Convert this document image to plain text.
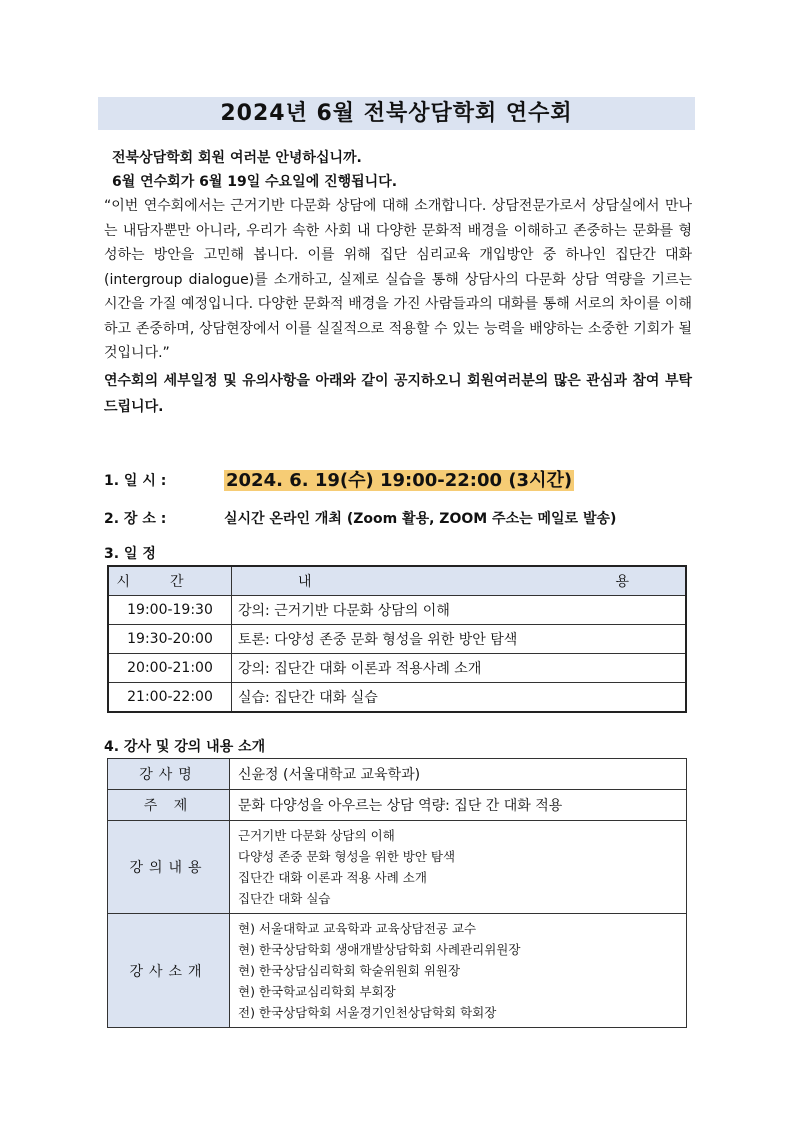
2024년 6월 전북상담학회 연수회
전북상담학회 회원 여러분 안녕하십니까.
6월 연수회가 6월 19일 수요일에 진행됩니다.
“이번 연수회에서는 근거기반 다문화 상담에 대해 소개합니다. 상담전문가로서 상담실에서 만나는 내담자뿐만 아니라, 우리가 속한 사회 내 다양한 문화적 배경을 이해하고 존중하는 문화를 형성하는 방안을 고민해 봅니다. 이를 위해 집단 심리교육 개입방안 중 하나인 집단간 대화(intergroup dialogue)를 소개하고, 실제로 실습을 통해 상담사의 다문화 상담 역량을 기르는 시간을 가질 예정입니다. 다양한 문화적 배경을 가진 사람들과의 대화를 통해 서로의 차이를 이해하고 존중하며, 상담현장에서 이를 실질적으로 적용할 수 있는 능력을 배양하는 소중한 기회가 될 것입니다.”
연수회의 세부일정 및 유의사항을 아래와 같이 공지하오니 회원여러분의 많은 관심과 참여 부탁드립니다.
1. 일 시 :	2024. 6. 19(수) 19:00-22:00 (3시간)
2. 장 소 :	실시간 온라인 개최 (Zoom 활용, ZOOM 주소는 메일로 발송)
3. 일 정
시간	내 용

19:00-19:30	강의: 근거기반 다문화 상담의 이해
19:30-20:00	토론: 다양성 존중 문화 형성을 위한 방안 탐색
20:00-21:00	강의: 집단간 대화 이론과 적용사례 소개
21:00-22:00	실습: 집단간 대화 실습
4. 강사 및 강의 내용 소개
강사명	신윤정 (서울대학교 교육학과)
주 제	문화 다양성을 아우르는 상담 역량: 집단 간 대화 적용
강의내용	근거기반 다문화 상담의 이해
다양성 존중 문화 형성을 위한 방안 탐색
집단간 대화 이론과 적용 사례 소개
집단간 대화 실습

강사소개	현) 서울대학교 교육학과 교육상담전공 교수
현) 한국상담학회 생애개발상담학회 사례관리위원장
현) 한국상담심리학회 학술위원회 위원장
현) 한국학교심리학회 부회장
전) 한국상담학회 서울경기인천상담학회 학회장
